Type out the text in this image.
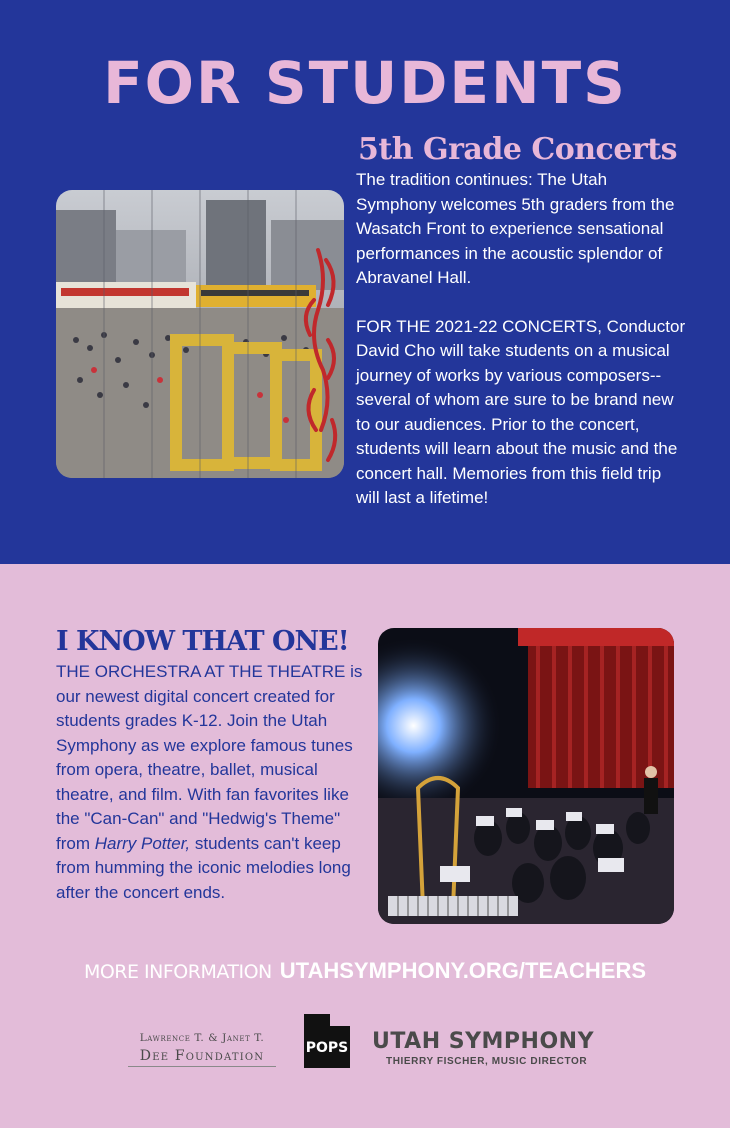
FOR STUDENTS
5th Grade Concerts

The tradition continues: The Utah Symphony welcomes 5th graders from the Wasatch Front to experience sensational performances in the acoustic splendor of Abravanel Hall.

FOR THE 2021-22 CONCERTS, Conductor David Cho will take students on a musical journey of works by various composers-- several of whom are sure to be brand new to our audiences. Prior to the concert, students will learn about the music and the concert hall. Memories from this field trip will last a lifetime!

I KNOW THAT ONE!
THE ORCHESTRA AT THE THEATRE is our newest digital concert created for students grades K-12. Join the Utah Symphony as we explore famous tunes from opera, theatre, ballet, musical theatre, and film. With fan favorites like the "Can-Can" and "Hedwig's Theme" from Harry Potter, students can't keep from humming the iconic melodies long after the concert ends.
MORE INFORMATION UTAHSYMPHONY.ORG/TEACHERS
Lawrence T. & Janet T.
Dee Foundation	POPS UTAH SYMPHONY
THIERRY FISCHER, MUSIC DIRECTOR
